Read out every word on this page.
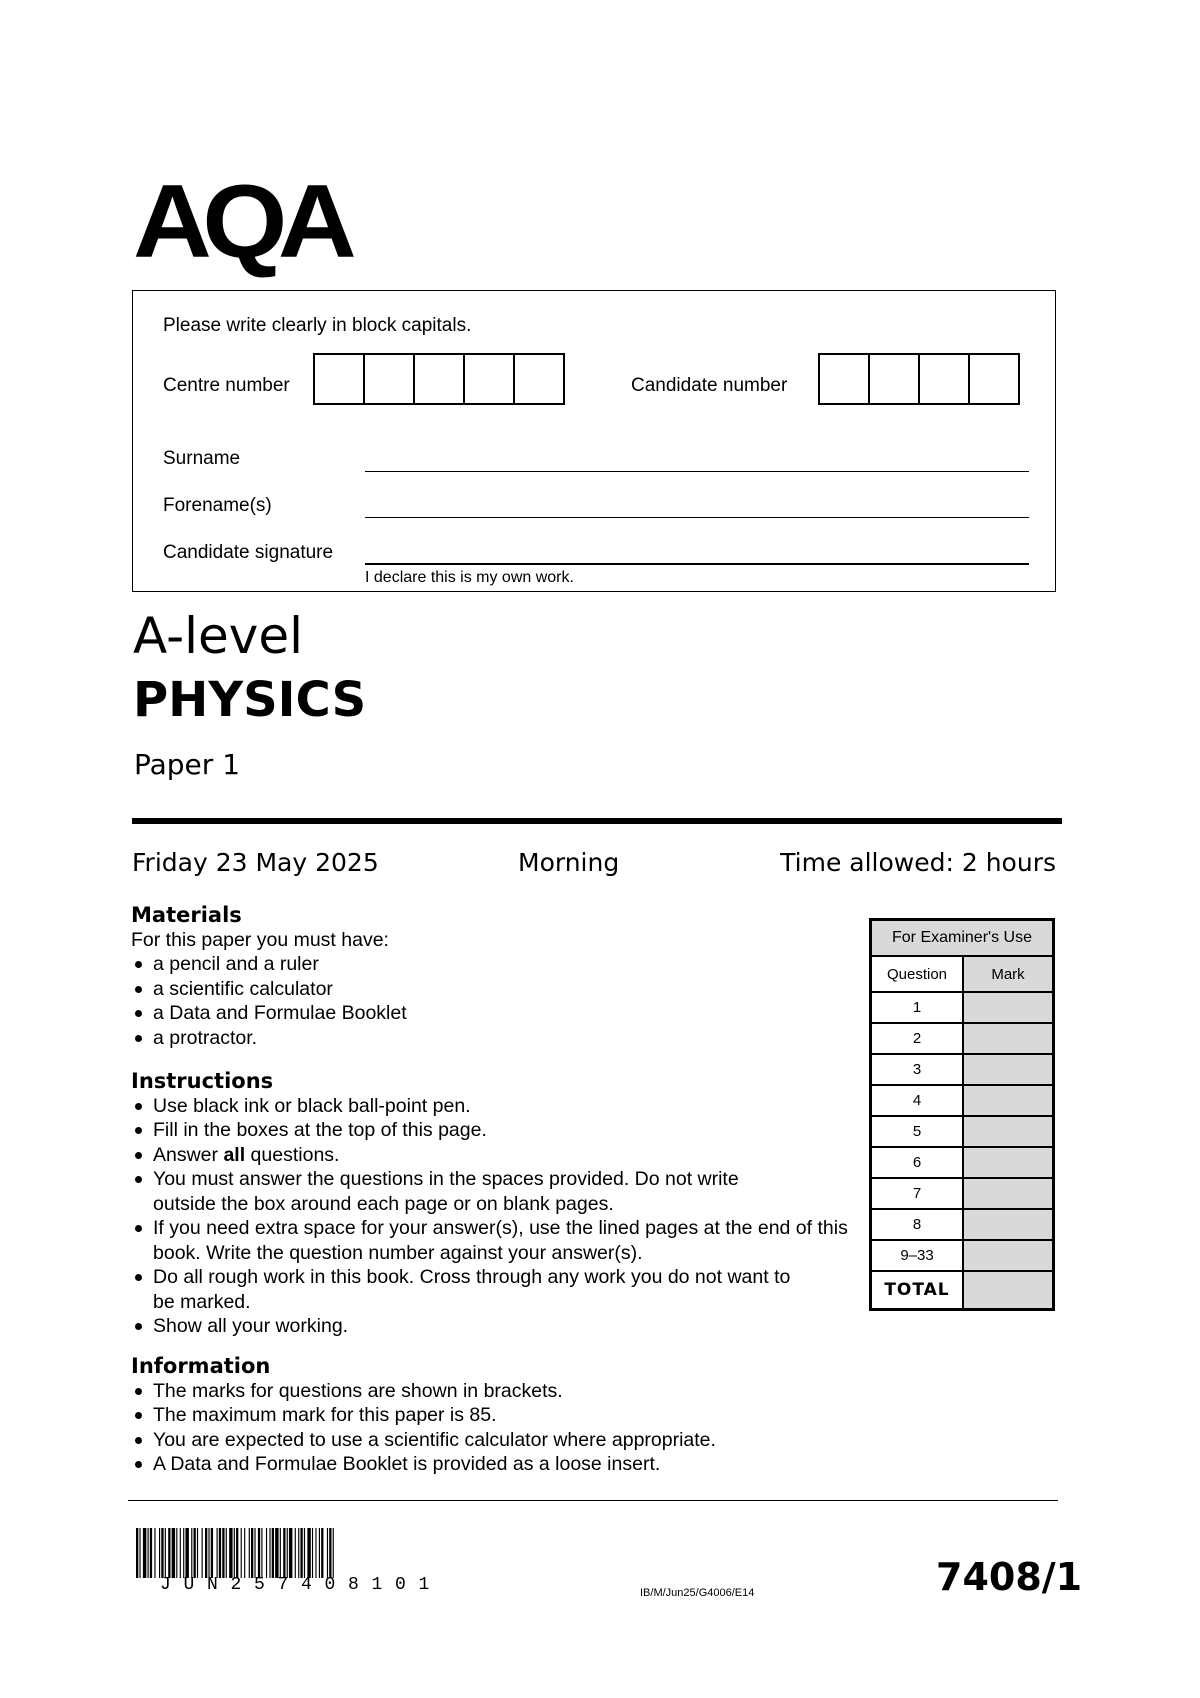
AQA
Please write clearly in block capitals.
Centre number	Candidate number
Surname
Forename(s)
Candidate signature
I declare this is my own work.
A-level
PHYSICS
Paper 1
Friday 23 May 2025	Morning	Time allowed: 2 hours
Materials
For this paper you must have:
a pencil and a ruler
a scientific calculator
a Data and Formulae Booklet
a protractor.
Instructions
Use black ink or black ball-point pen.
Fill in the boxes at the top of this page.
Answer all questions.
You must answer the questions in the spaces provided. Do not write outside the box around each page or on blank pages.
If you need extra space for your answer(s), use the lined pages at the end of this book. Write the question number against your answer(s).
Do all rough work in this book. Cross through any work you do not want to be marked.
Show all your working.
Information
The marks for questions are shown in brackets.
The maximum mark for this paper is 85.
You are expected to use a scientific calculator where appropriate.
A Data and Formulae Booklet is provided as a loose insert.
For Examiner's Use	
Question	Mark
1	
2	
3	
4	
5	
6	
7	
8	
9–33	
TOTAL	
JUN257408101	IB/M/Jun25/G4006/E14	7408/1
